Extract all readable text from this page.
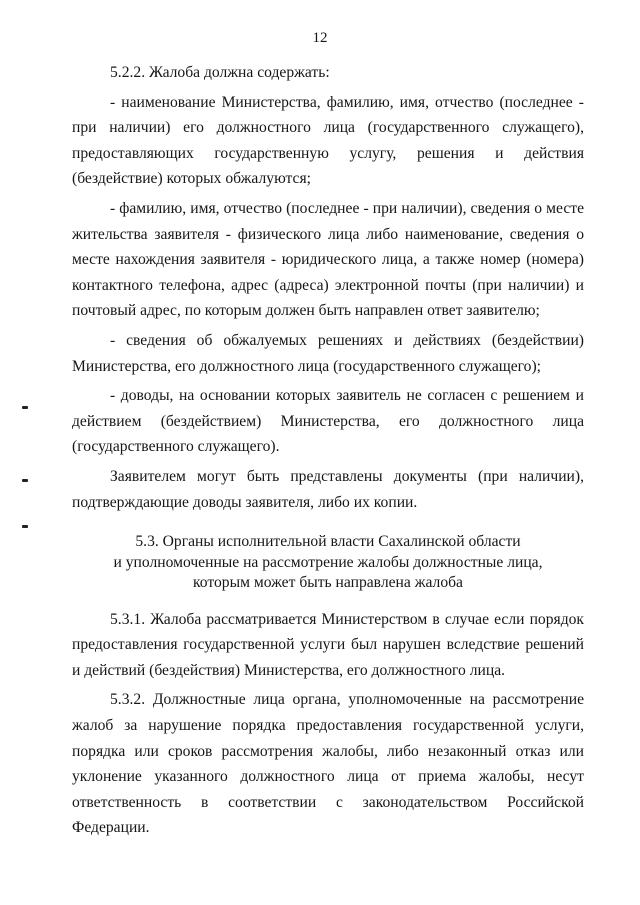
12

5.2.2. Жалоба должна содержать:

- наименование Министерства, фамилию, имя, отчество (последнее - при наличии) его должностного лица (государственного служащего), предоставляющих государственную услугу, решения и действия (бездействие) которых обжалуются;

- фамилию, имя, отчество (последнее - при наличии), сведения о месте жительства заявителя - физического лица либо наименование, сведения о месте нахождения заявителя - юридического лица, а также номер (номера) контактного телефона, адрес (адреса) электронной почты (при наличии) и почтовый адрес, по которым должен быть направлен ответ заявителю;

- сведения об обжалуемых решениях и действиях (бездействии) Министерства, его должностного лица (государственного служащего);

- доводы, на основании которых заявитель не согласен с решением и действием (бездействием) Министерства, его должностного лица (государственного служащего).

Заявителем могут быть представлены документы (при наличии), подтверждающие доводы заявителя, либо их копии.

5.3. Органы исполнительной власти Сахалинской области
и уполномоченные на рассмотрение жалобы должностные лица,
которым может быть направлена жалоба

5.3.1. Жалоба рассматривается Министерством в случае если порядок предоставления государственной услуги был нарушен вследствие решений и действий (бездействия) Министерства, его должностного лица.

5.3.2. Должностные лица органа, уполномоченные на рассмотрение жалоб за нарушение порядка предоставления государственной услуги, порядка или сроков рассмотрения жалобы, либо незаконный отказ или уклонение указанного должностного лица от приема жалобы, несут ответственность в соответствии с законодательством Российской Федерации.
